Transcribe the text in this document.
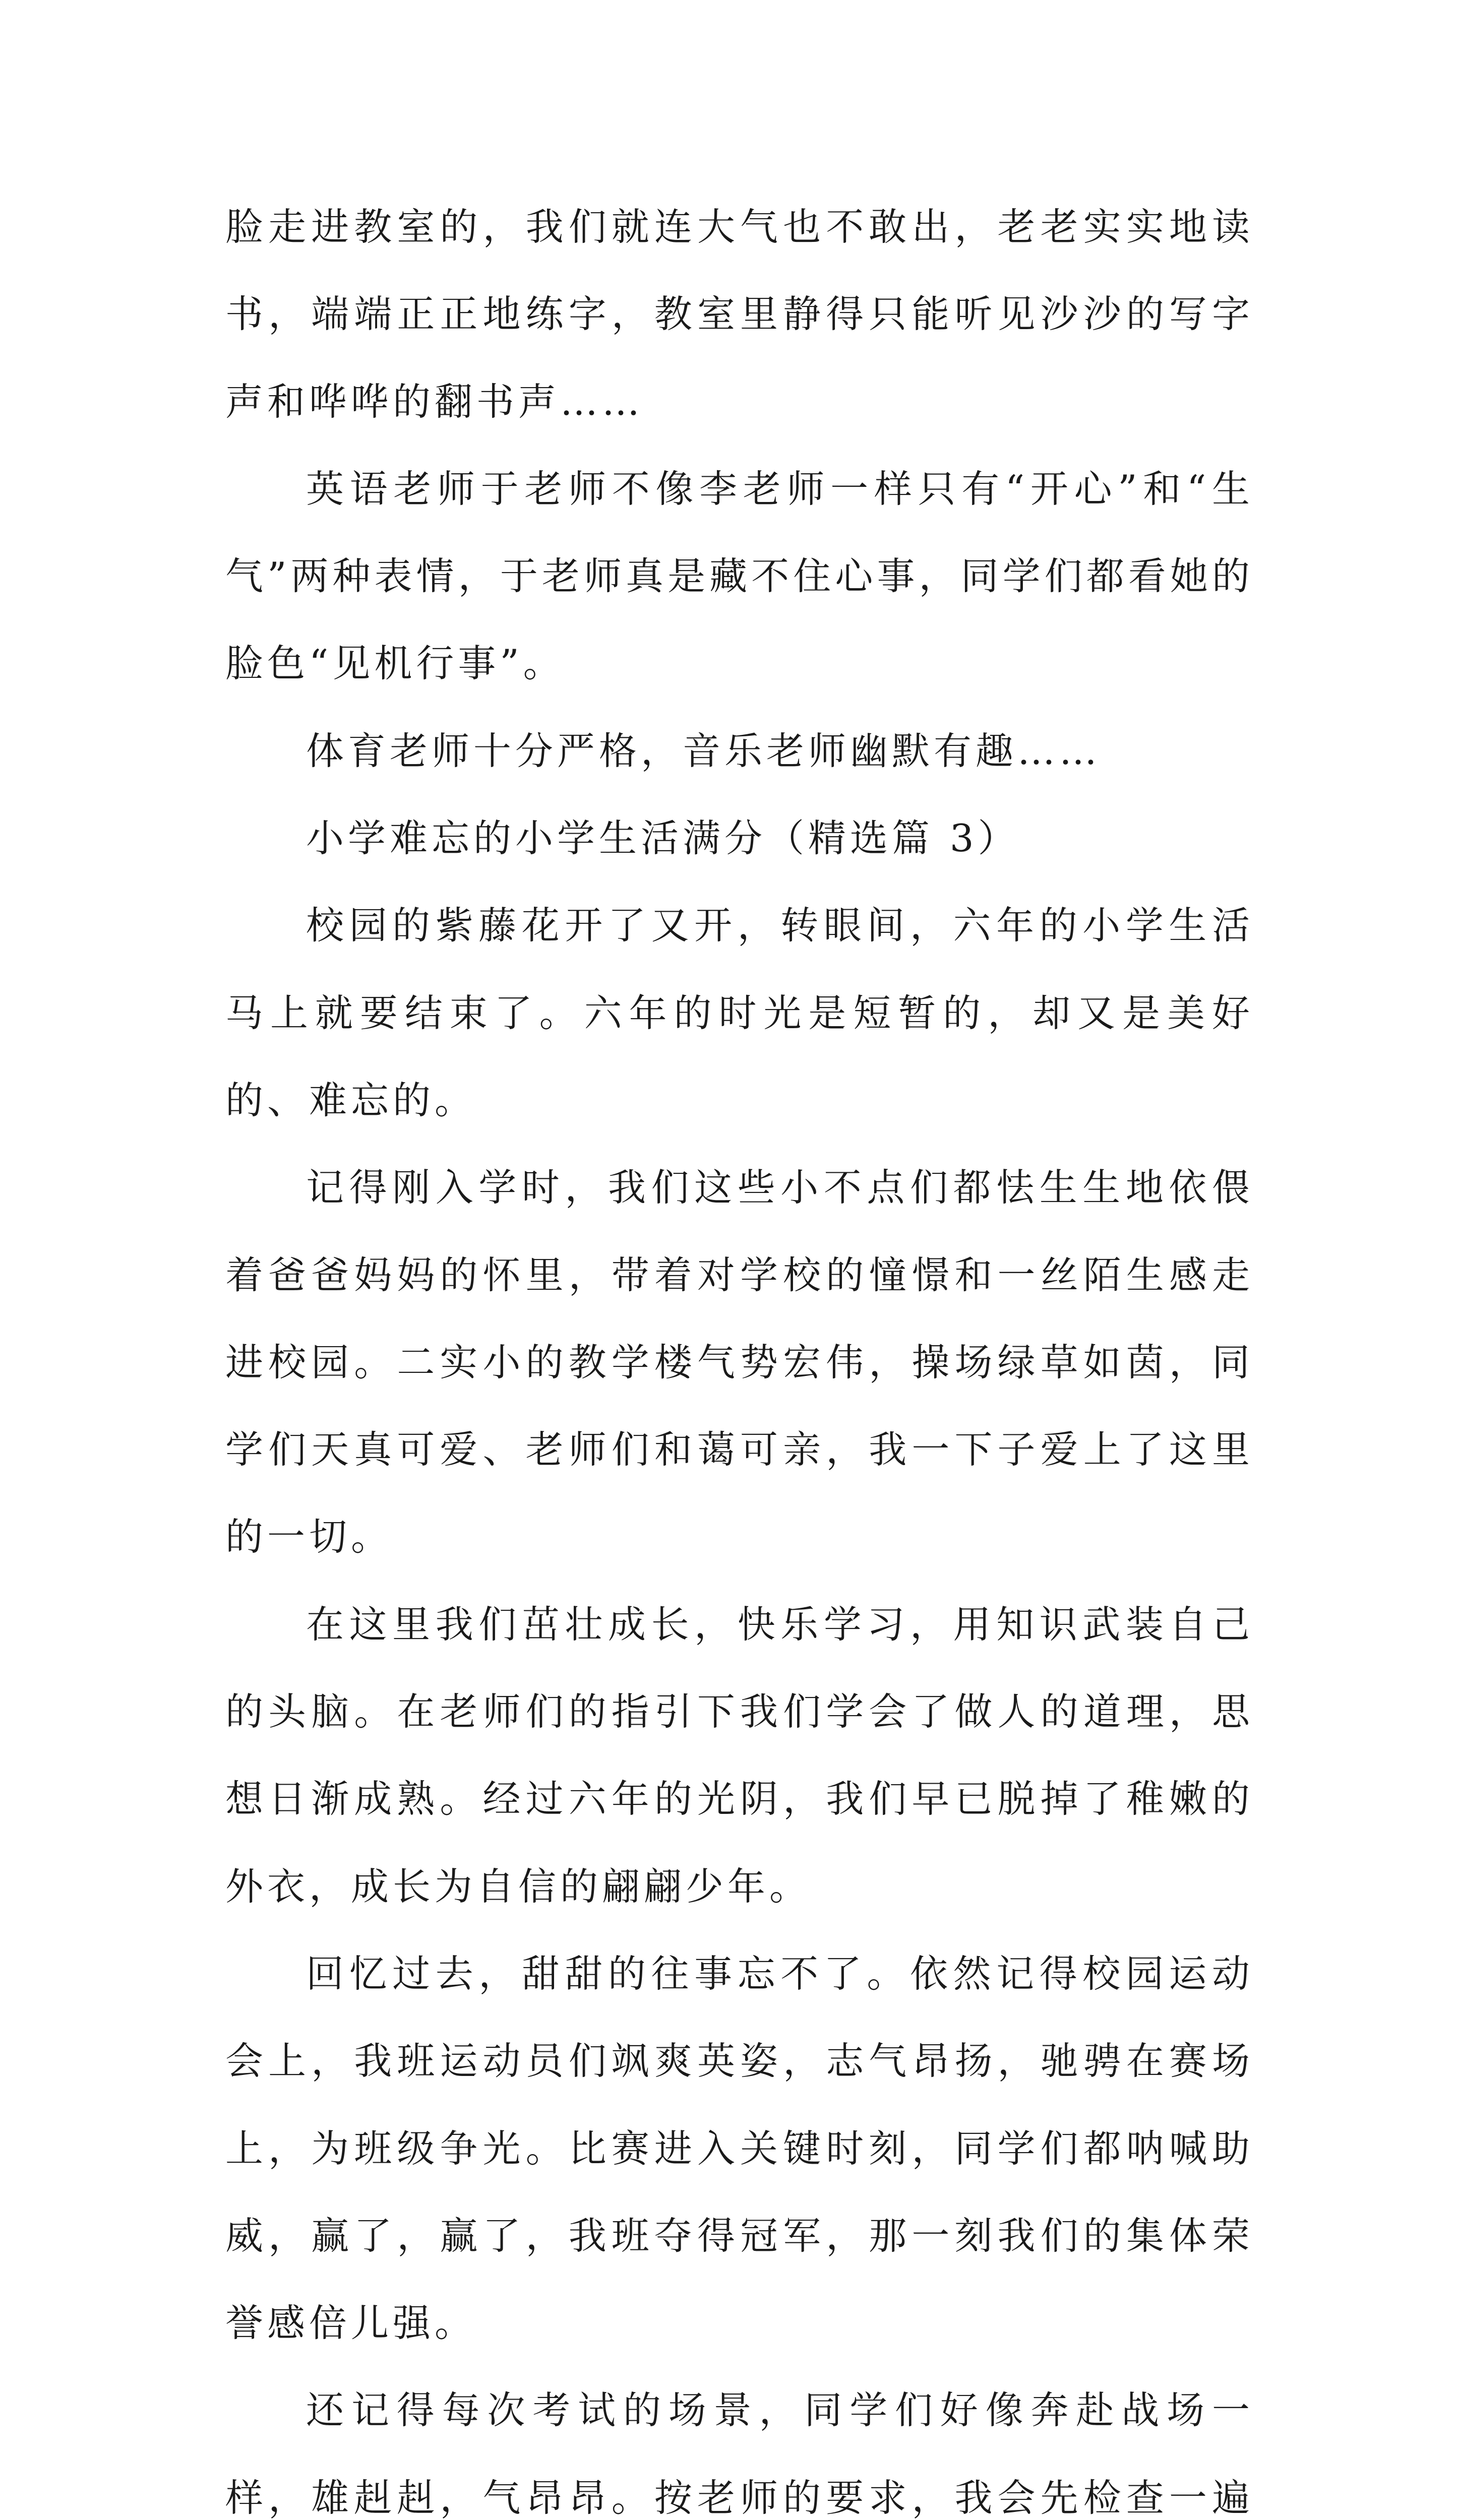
脸走进教室的，我们就连大气也不敢出，老老实实地读书，端端正正地练字，教室里静得只能听见沙沙的写字声和哗哗的翻书声……

英语老师于老师不像李老师一样只有“开心”和“生气”两种表情，于老师真是藏不住心事，同学们都看她的脸色“见机行事”。

体育老师十分严格，音乐老师幽默有趣……

小学难忘的小学生活满分（精选篇 3）

校园的紫藤花开了又开，转眼间，六年的小学生活马上就要结束了。六年的时光是短暂的，却又是美好的、难忘的。

记得刚入学时，我们这些小不点们都怯生生地依偎着爸爸妈妈的怀里，带着对学校的憧憬和一丝陌生感走进校园。二实小的教学楼气势宏伟，操场绿草如茵，同学们天真可爱、老师们和蔼可亲，我一下子爱上了这里的一切。

在这里我们茁壮成长，快乐学习，用知识武装自己的头脑。在老师们的指引下我们学会了做人的道理，思想日渐成熟。经过六年的光阴，我们早已脱掉了稚嫩的外衣，成长为自信的翩翩少年。

回忆过去，甜甜的往事忘不了。依然记得校园运动会上，我班运动员们飒爽英姿，志气昂扬，驰骋在赛场上，为班级争光。比赛进入关键时刻，同学们都呐喊助威，赢了，赢了，我班夺得冠军，那一刻我们的集体荣誉感倍儿强。

还记得每次考试的场景，同学们好像奔赴战场一样，雄赳赳，气昂昂。按老师的要求，我会先检查一遍
